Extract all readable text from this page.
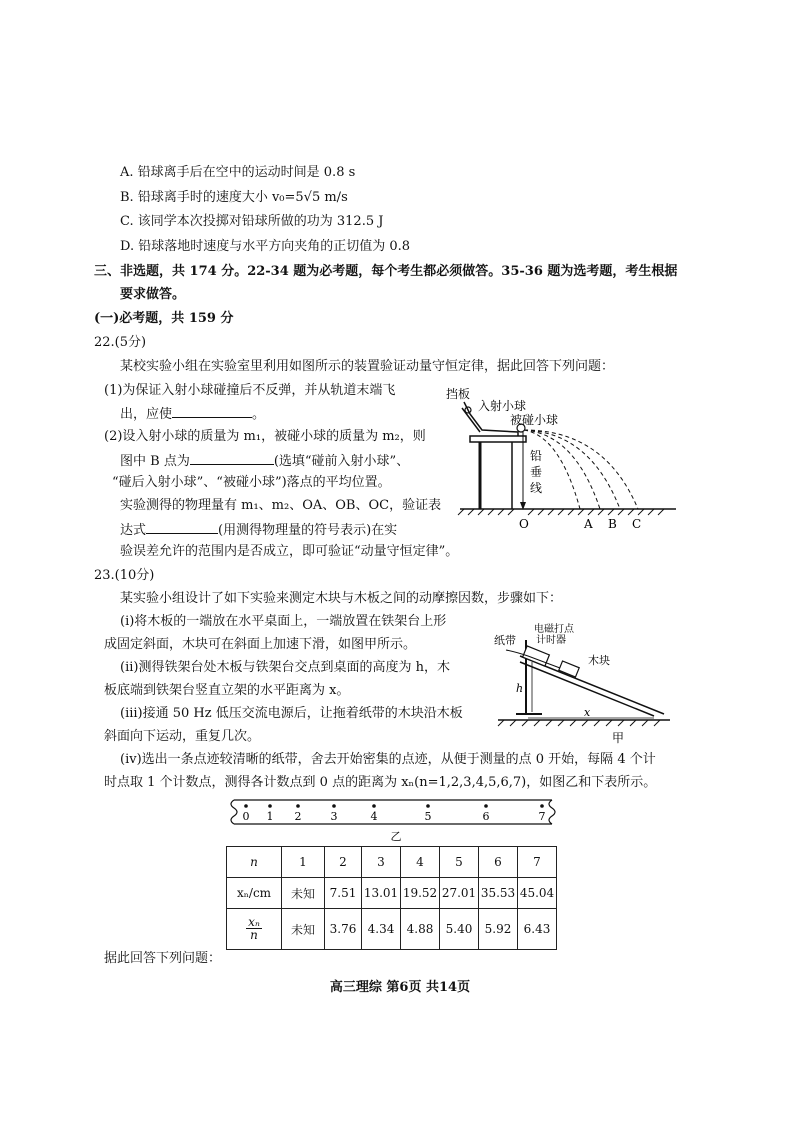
A. 铅球离手后在空中的运动时间是 0.8 s
B. 铅球离手时的速度大小 v₀=5√5 m/s
C. 该同学本次投掷对铅球所做的功为 312.5 J
D. 铅球落地时速度与水平方向夹角的正切值为 0.8
三、非选题，共 174 分。22-34 题为必考题，每个考生都必须做答。35-36 题为选考题，考生根据
要求做答。
(一)必考题，共 159 分
22.(5分)
某校实验小组在实验室里利用如图所示的装置验证动量守恒定律，据此回答下列问题：
(1)为保证入射小球碰撞后不反弹，并从轨道末端飞
出，应使	。
(2)设入射小球的质量为 m₁，被碰小球的质量为 m₂，则
图中 B 点为	(选填“碰前入射小球”、
“碰后入射小球”、“被碰小球”)落点的平均位置。
实验测得的物理量有 m₁、m₂、OA、OB、OC，验证表
达式	(用测得物理量的符号表示)在实
验误差允许的范围内是否成立，即可验证“动量守恒定律”。
挡板
入射小球
被碰小球
铅
垂
线
O	A B C
23.(10分)
某实验小组设计了如下实验来测定木块与木板之间的动摩擦因数，步骤如下：
(i)将木板的一端放在水平桌面上，一端放置在铁架台上形
成固定斜面，木块可在斜面上加速下滑，如图甲所示。
(ii)测得铁架台处木板与铁架台交点到桌面的高度为 h，木
板底端到铁架台竖直立架的水平距离为 x。
(iii)接通 50 Hz 低压交流电源后，让拖着纸带的木块沿木板
斜面向下运动，重复几次。
(iv)选出一条点迹较清晰的纸带，舍去开始密集的点迹，从便于测量的点 0 开始，每隔 4 个计
时点取 1 个计数点，测得各计数点到 0 点的距离为 xₙ(n=1,2,3,4,5,6,7)，如图乙和下表所示。
纸带
电磁打点
计时器
木块
h
x
甲
0 1 2	3	4	5	6	7
乙
n	1	2	3	4	5	6	7
xₙ/cm	未知	7.51	13.01	19.52	27.01	35.53	45.04

$\frac{\text{xₙ}}{n}$	未知	3.76	4.34	4.88	5.40	5.92	6.43
据此回答下列问题：
高三理综 第6页 共14页
